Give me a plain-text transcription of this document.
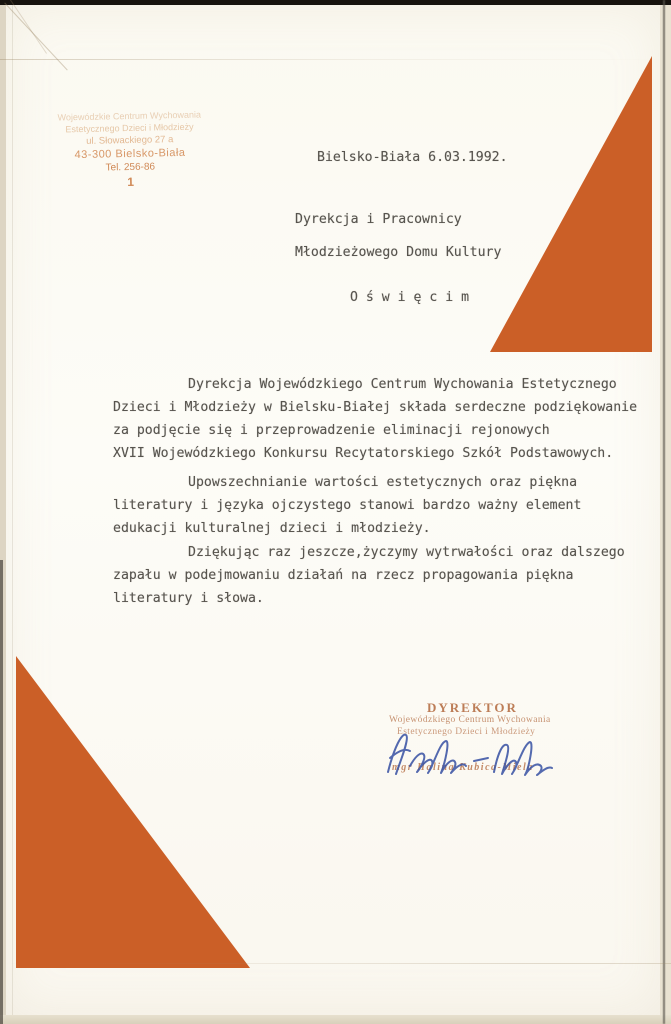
Wojewódzkie Centrum Wychowania
Estetycznego Dzieci i Młodzieży
ul. Słowackiego 27 a
43-300 Bielsko-Biała
Tel. 256-86
1
Bielsko-Biała 6.03.1992.
Dyrekcja i Pracownicy
Młodzieżowego Domu Kultury
O ś w i ę c i m
Dyrekcja Wojewódzkiego Centrum Wychowania Estetycznego
Dzieci i Młodzieży w Bielsku-Białej składa serdeczne podziękowanie
za podjęcie się i przeprowadzenie eliminacji rejonowych
XVII Wojewódzkiego Konkursu Recytatorskiego Szkół Podstawowych.
Upowszechnianie wartości estetycznych oraz piękna
literatury i języka ojczystego stanowi bardzo ważny element
edukacji kulturalnej dzieci i młodzieży.
Dziękując raz jeszcze,życzymy wytrwałości oraz dalszego
zapału w podejmowaniu działań na rzecz propagowania piękna
literatury i słowa.
DYREKTOR
Wojewódzkiego Centrum Wychowania
Estetycznego Dzieci i Młodzieży
mgr Halina Kubica-Miela
